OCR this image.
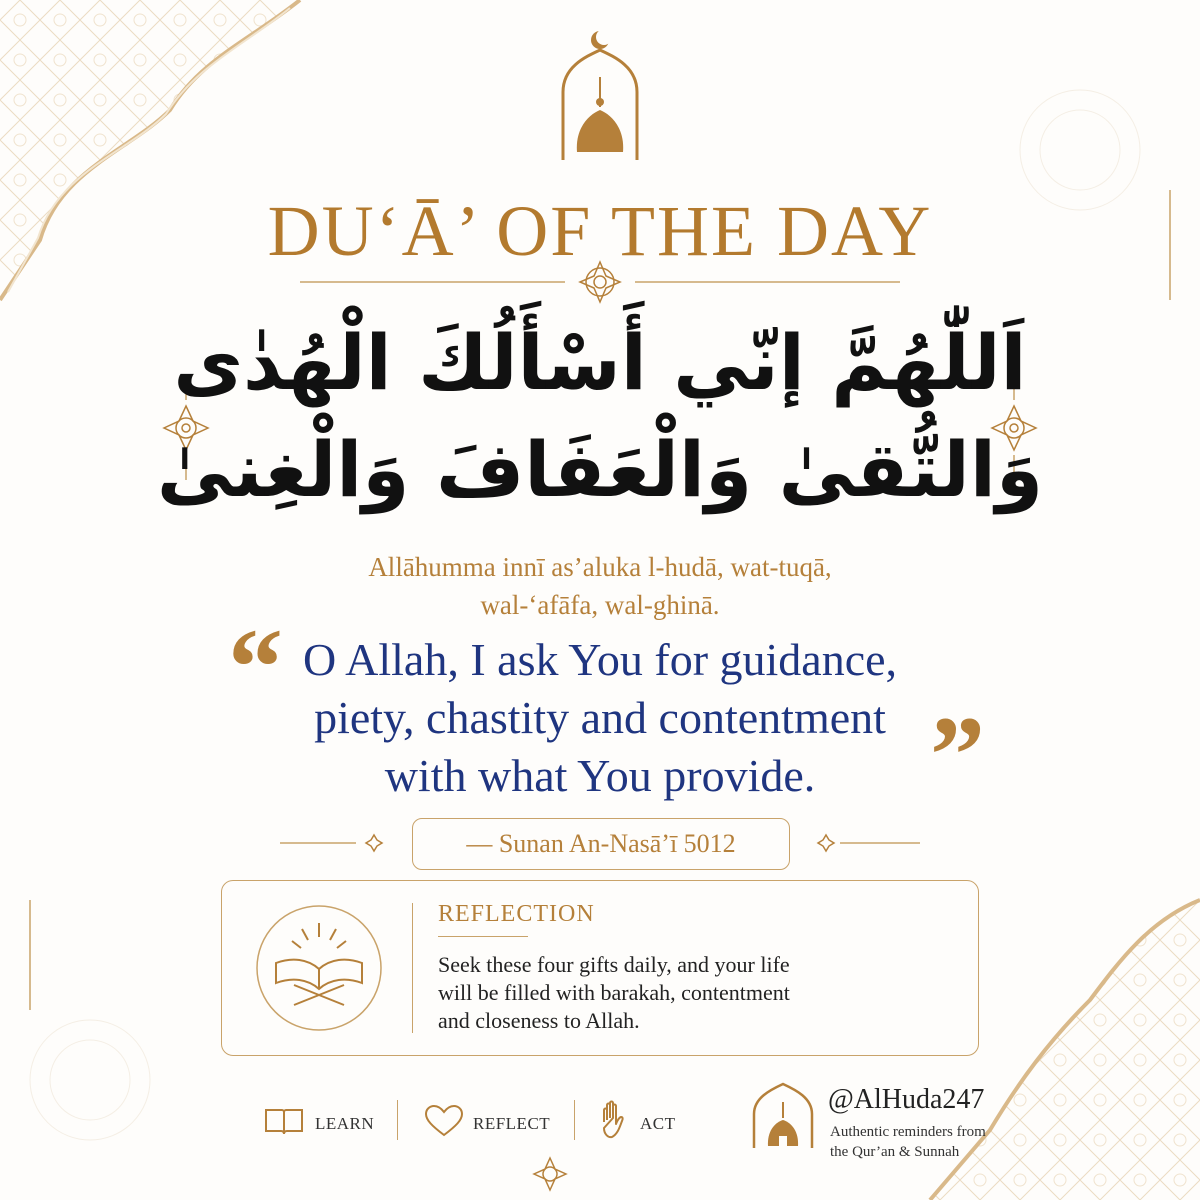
DU‘Ā’ OF THE DAY
اَللّٰهُمَّ إنّي أَسْأَلُكَ الْهُدٰى
وَالتُّقىٰ وَالْعَفَافَ وَالْغِنىٰ
Allāhumma innī as’aluka l-hudā, wat-tuqā,
wal-‘afāfa, wal-ghinā.
“
”
O Allah, I ask You for guidance,
piety, chastity and contentment
with what You provide.
— Sunan An-Nasā’ī 5012
REFLECTION
Seek these four gifts daily, and your life
will be filled with barakah, contentment
and closeness to Allah.
LEARN	REFLECT	ACT
@AlHuda247
Authentic reminders from
the Qur’an & Sunnah
